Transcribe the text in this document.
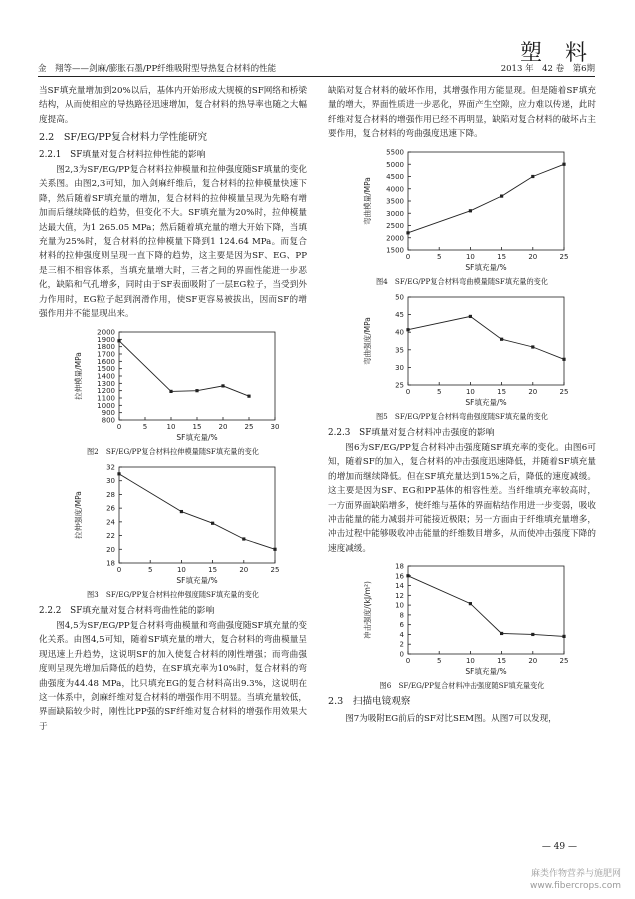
塑 料
金　翔等——剑麻/膨胀石墨/PP纤维吸附型导热复合材料的性能	2013 年　42 卷　第6期

当SF填充量增加到20%以后，基体内开始形成大规模的SF网络和桥梁结构，从而使相应的导热路径迅速增加，复合材料的热导率也随之大幅度提高。

2.2　SF/EG/PP复合材料力学性能研究
2.2.1　SF填量对复合材料拉伸性能的影响

图2,3为SF/EG/PP复合材料拉伸模量和拉伸强度随SF填量的变化关系图。由图2,3可知，加入剑麻纤维后，复合材料的拉伸模量快速下降，然后随着SF填充量的增加，复合材料的拉伸模量呈现为先略有增加而后继续降低的趋势，但变化不大。SF填充量为20%时，拉伸模量达最大值，为1 265.05 MPa；然后随着填充量的增大开始下降，当填充量为25%时，复合材料的拉伸模量下降到1 124.64 MPa。而复合材料的拉伸强度则呈现一直下降的趋势，这主要是因为SF、EG、PP是三相不相容体系，当填充量增大时，三者之间的界面性能进一步恶化，缺陷和气孔增多，同时由于SF表面吸附了一层EG粒子，当受到外力作用时，EG粒子起到润滑作用，使SF更容易被拔出，因而SF的增强作用并不能显现出来。

0	5	10 15 20 25 30
800
900
1000
1100
1200
1300
1400
1500
1600
1700
1800
1900
2000
SF填充量/%
拉伸模量/MPa
图2　SF/EG/PP复合材料拉伸模量随SF填充量的变化
0	5	10	15	20	25
18
20
22
24
26
28
30
32
SF填充量/%
拉伸强度/MPa
图3　SF/EG/PP复合材料拉伸强度随SF填充量的变化
2.2.2　SF填充量对复合材料弯曲性能的影响

图4,5为SF/EG/PP复合材料弯曲模量和弯曲强度随SF填充量的变化关系。由图4,5可知，随着SF填充量的增大，复合材料的弯曲模量呈现迅速上升趋势，这说明SF的加入使复合材料的刚性增强；而弯曲强度则呈现先增加后降低的趋势，在SF填充率为10%时，复合材料的弯曲强度为44.48 MPa，比只填充EG的复合材料高出9.3%，这说明在这一体系中，剑麻纤维对复合材料的增强作用不明显。当填充量较低，界面缺陷较少时，刚性比PP强的SF纤维对复合材料的增强作用效果大于

缺陷对复合材料的破坏作用，其增强作用方能显现。但是随着SF填充量的增大，界面性质进一步恶化，界面产生空隙，应力难以传递，此时纤维对复合材料的增强作用已经不再明显，缺陷对复合材料的破坏占主要作用，复合材料的弯曲强度迅速下降。

0	5	10	15	20	25
1500
2000
2500
3000
3500
4000
4500
5000
5500
SF填充量/%
弯曲模量/MPa
图4　SF/EG/PP复合材料弯曲模量随SF填充量的变化
0	5	10	15	20	25
25
30
35
40
45
50
SF填充量/%
弯曲强度/MPa
图5　SF/EG/PP复合材料弯曲强度随SF填充量的变化
2.2.3　SF填量对复合材料冲击强度的影响

图6为SF/EG/PP复合材料冲击强度随SF填充率的变化。由图6可知，随着SF的加入，复合材料的冲击强度迅速降低，并随着SF填充量的增加而继续降低。但在SF填充量达到15%之后，降低的速度减缓。这主要是因为SF、EG和PP基体的相容性差。当纤维填充率较高时，一方面界面缺陷增多，使纤维与基体的界面粘结作用进一步变弱，吸收冲击能量的能力减弱并可能接近极限；另一方面由于纤维填充量增多，冲击过程中能够吸收冲击能量的纤维数目增多，从而使冲击强度下降的速度减缓。

0	5	10	15	20	25
0
2
4
6
8
10
12
14
16
18
SF填充量/%
冲击强度/(kJ/m²)
图6　SF/EG/PP复合材料冲击强度随SF填充量变化
2.3　扫描电镜观察

图7为吸附EG前后的SF对比SEM图。从图7可以发现，

— 49 —
麻类作物营养与施肥网
www.fibercrops.com
